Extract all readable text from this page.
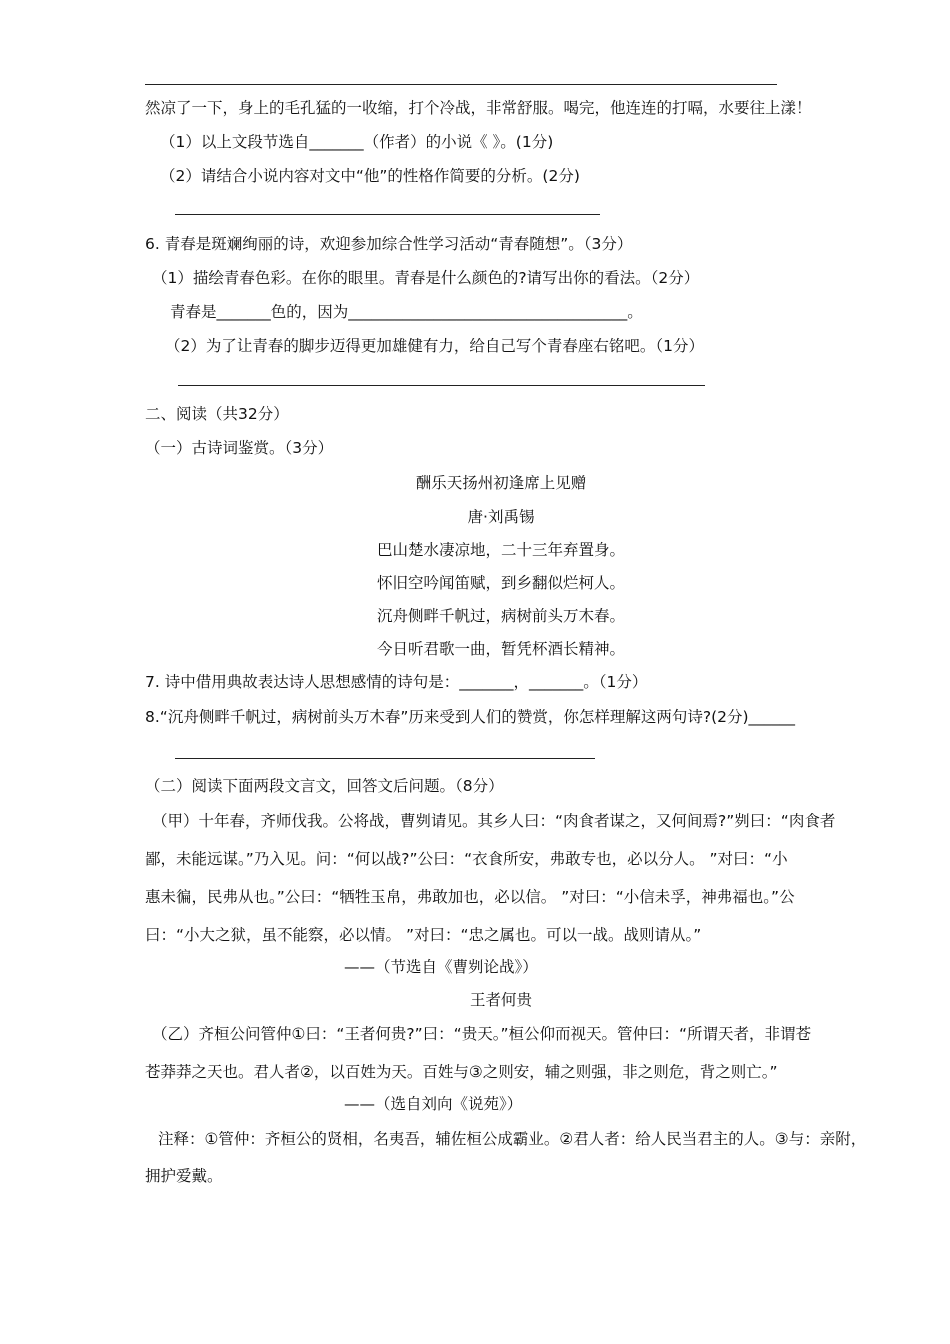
然凉了一下，身上的毛孔猛的一收缩，打个冷战，非常舒服。喝完，他连连的打嗝，水要往上漾！
（1）以上文段节选自_______（作者）的小说《 》。(1分)
（2）请结合小说内容对文中“他”的性格作简要的分析。(2分)
6. 青春是斑斓绚丽的诗，欢迎参加综合性学习活动“青春随想”。（3分）
（1）描绘青春色彩。在你的眼里。青春是什么颜色的?请写出你的看法。（2分）
青春是_______色的，因为____________________________________。
（2）为了让青春的脚步迈得更加雄健有力，给自己写个青春座右铭吧。（1分）
二、阅读（共32分）
（一）古诗词鉴赏。（3分）
酬乐天扬州初逢席上见赠
唐·刘禹锡
巴山楚水凄凉地，二十三年弃置身。
怀旧空吟闻笛赋，到乡翻似烂柯人。
沉舟侧畔千帆过，病树前头万木春。
今日听君歌一曲，暂凭杯酒长精神。
7. 诗中借用典故表达诗人思想感情的诗句是：_______，_______。（1分）
8.“沉舟侧畔千帆过，病树前头万木春”历来受到人们的赞赏，你怎样理解这两句诗?(2分)______
（二）阅读下面两段文言文，回答文后问题。（8分）
（甲）十年春，齐师伐我。公将战，曹刿请见。其乡人曰：“肉食者谋之，又何间焉?”刿曰：“肉食者
鄙，未能远谋。”乃入见。问：“何以战?”公曰：“衣食所安，弗敢专也，必以分人。 ”对曰：“小
惠未徧，民弗从也。”公曰：“牺牲玉帛，弗敢加也，必以信。 ”对曰：“小信未孚，神弗福也。”公
曰：“小大之狱，虽不能察，必以情。 ”对曰：“忠之属也。可以一战。战则请从。”
——（节选自《曹刿论战》）
王者何贵
（乙）齐桓公问管仲①曰：“王者何贵?”曰：“贵天。”桓公仰而视天。管仲曰：“所谓天者，非谓苍
苍莽莽之天也。君人者②，以百姓为天。百姓与③之则安，辅之则强，非之则危，背之则亡。”
——（选自刘向《说苑》）
注释：①管仲：齐桓公的贤相，名夷吾，辅佐桓公成霸业。②君人者：给人民当君主的人。③与：亲附，
拥护爱戴。
